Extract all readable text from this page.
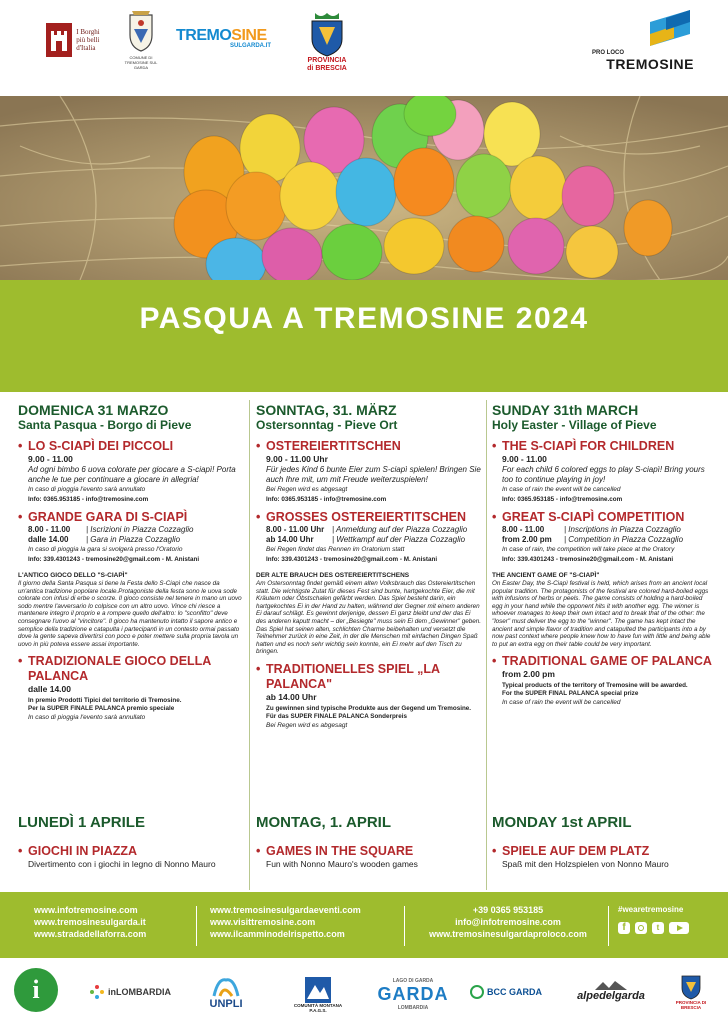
I Borghi
più belli
d'Italia
COMUNE DI
TREMOSINE SUL GARDA
TREMOSINE
SULGARDA.IT
PROVINCIA
di BRESCIA
PRO LOCO
TREMOSINE
PASQUA A TREMOSINE 2024
DOMENICA 31 MARZO
Santa Pasqua - Borgo di Pieve
• LO S-CIAPÌ DEI PICCOLI
9.00 - 11.00
Ad ogni bimbo 6 uova colorate per giocare a S-ciapì! Porta anche le tue per continuare a giocare in allegria!
In caso di pioggia l'evento sarà annullato
Info: 0365.953185 - info@tremosine.com
• GRANDE GARA DI S-CIAPÌ
8.00 - 11.00	| Iscrizioni in Piazza Cozzaglio
dalle 14.00	| Gara in Piazza Cozzaglio
In caso di pioggia la gara si svolgerà presso l'Oratorio
Info: 339.4301243 - tremosine20@gmail.com - M. Anistani
L'ANTICO GIOCO DELLO "S-CIAPÌ"
Il giorno della Santa Pasqua si tiene la Festa dello S-Ciapì che nasce da un'antica tradizione popolare locale.Protagoniste della festa sono le uova sode colorate con infusi di erbe o scorze. Il gioco consiste nel tenere in mano un uovo sodo mentre l'avversario lo colpisce con un altro uovo. Vince chi riesce a mantenere integro il proprio e a rompere quello dell'altro: lo "sconfitto" deve consegnare l'uovo al "vincitore". Il gioco ha mantenuto intatto il sapore antico e semplice della tradizione e catapulta i partecipanti in un contesto ormai passato dove la gente sapeva divertirsi con poco e poter mettere sulla propria tavola un uovo in più poteva essere assai importante.
• TRADIZIONALE GIOCO DELLA PALANCA
dalle 14.00
In premio Prodotti Tipici del territorio di Tremosine.
Per la SUPER FINALE PALANCA premio speciale
In caso di pioggia l'evento sarà annullato
LUNEDÌ 1 APRILE
• GIOCHI IN PIAZZA
Divertimento con i giochi in legno di Nonno Mauro
SONNTAG, 31. MÄRZ
Ostersonntag - Pieve Ort
• OSTEREIERTITSCHEN
9.00 - 11.00 Uhr
Für jedes Kind 6 bunte Eier zum S-ciapì spielen! Bringen Sie auch Ihre mit, um mit Freude weiterzuspielen!
Bei Regen wird es abgesagt
Info: 0365.953185 - info@tremosine.com
• GROSSES OSTEREIERTITSCHEN
8.00 - 11.00 Uhr | Anmeldung auf der Piazza Cozzaglio
ab 14.00 Uhr	| Wettkampf auf der Piazza Cozzaglio
Bei Regen findet das Rennen im Oratorium statt
Info: 339.4301243 - tremosine20@gmail.com - M. Anistani
DER ALTE BRAUCH DES OSTEREIERTITSCHENS
Am Ostersonntag findet gemäß einem alten Volksbrauch das Ostereiertitschen statt. Die wichtigste Zutat für dieses Fest sind bunte, hartgekochte Eier, die mit Kräutern oder Obstschalen gefärbt werden. Das Spiel besteht darin, ein hartgekochtes Ei in der Hand zu halten, während der Gegner mit einem anderen Ei darauf schlägt. Es gewinnt derjenige, dessen Ei ganz bleibt und der das Ei des anderen kaputt macht – der „Besiegte" muss sein Ei dem „Gewinner" geben. Das Spiel hat seinen alten, schlichten Charme beibehalten und versetzt die Teilnehmer zurück in eine Zeit, in der die Menschen mit einfachen Dingen Spaß hatten und es noch sehr wichtig sein konnte, ein Ei mehr auf den Tisch zu bringen.
• TRADITIONELLES SPIEL „LA PALANCA"
ab 14.00 Uhr
Zu gewinnen sind typische Produkte aus der Gegend um Tremosine.
Für das SUPER FINALE PALANCA Sonderpreis
Bei Regen wird es abgesagt
MONTAG, 1. APRIL
• GAMES IN THE SQUARE
Fun with Nonno Mauro's wooden games
SUNDAY 31th MARCH
Holy Easter - Village of Pieve
• THE S-CIAPÌ FOR CHILDREN
9.00 - 11.00
For each child 6 colored eggs to play S-ciapì! Bring yours too to continue playing in joy!
In case of rain the event will be cancelled
Info: 0365.953185 - info@tremosine.com
• GREAT S-CIAPÌ COMPETITION
8.00 - 11.00	| Inscriptions in Piazza Cozzaglio
from 2.00 pm	| Competition in Piazza Cozzaglio
In case of rain, the competition will take place at the Oratory
Info: 339.4301243 - tremosine20@gmail.com - M. Anistani
THE ANCIENT GAME OF "S-CIAPÌ"
On Easter Day, the S-Ciapì festival is held, which arises from an ancient local popular tradition. The protagonists of the festival are colored hard-boiled eggs with infusions of herbs or peels. The game consists of holding a hard-boiled egg in your hand while the opponent hits it with another egg. The winner is whoever manages to keep their own intact and to break that of the other: the "loser" must deliver the egg to the "winner". The game has kept intact the ancient and simple flavor of tradition and catapulted the participants into a by now past context where people knew how to have fun with little and being able to put an extra egg on their table could be very important.
• TRADITIONAL GAME OF PALANCA
from 2.00 pm
Typical products of the territory of Tremosine will be awarded.
For the SUPER FINAL PALANCA special prize
In case of rain the event will be cancelled
MONDAY 1st APRIL
• SPIELE AUF DEM PLATZ
Spaß mit den Holzspielen von Nonno Mauro
www.infotremosine.com
www.tremosinesulgarda.it
www.stradadellaforra.com
www.tremosinesulgardaeventi.com
www.visittremosine.com
www.ilcamminodelrispetto.com
+39 0365 953185
info@infotremosine.com
www.tremosinesulgardaproloco.com
#wearetremosine
f	t
i	inLOMBARDIA
UNPLI	COMUNITÀ MONTANA P.A.G.S.
LAGO DI GARDA
GARDA
LOMBARDIA
BCC GARDA	alpedelgarda
PROVINCIA DI BRESCIA
